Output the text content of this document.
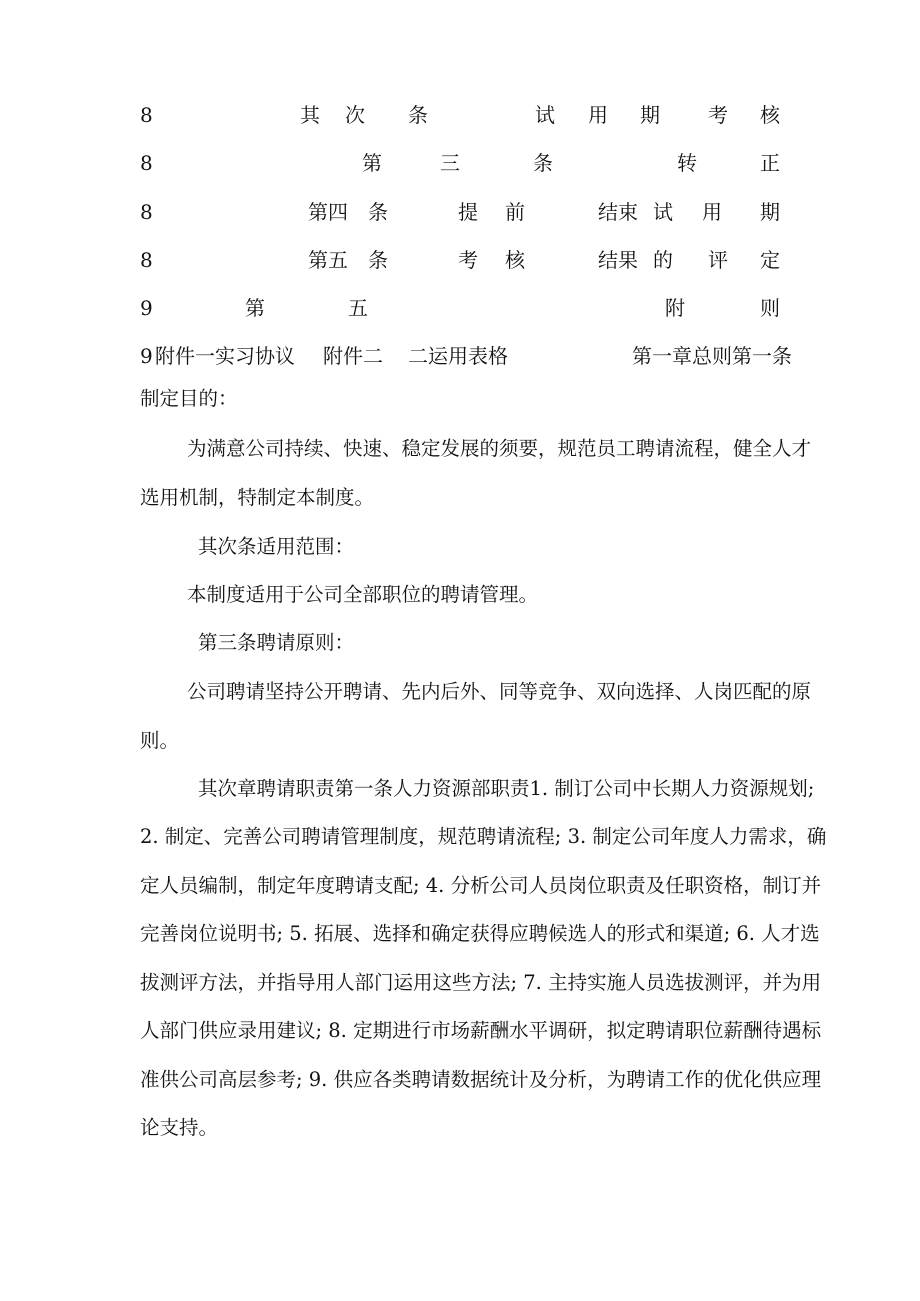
8	其 次 条	试 用 期 考 核
8	第	三	条	转	正
8	第四 条	提 前	结束 试 用 期
8	第五 条	考 核	结果 的 评 定
9	第	五	附	则
9 附件一实习协议 附件二 二运用表格	第一章总则第一条
制定目的：
为满意公司持续、快速、稳定发展的须要，规范员工聘请流程，健全人才
选用机制，特制定本制度。
其次条适用范围：
本制度适用于公司全部职位的聘请管理。
第三条聘请原则：
公司聘请坚持公开聘请、先内后外、同等竞争、双向选择、人岗匹配的原
则。
其次章聘请职责第一条人力资源部职责1. 制订公司中长期人力资源规划;
2. 制定、完善公司聘请管理制度，规范聘请流程; 3. 制定公司年度人力需求，确
定人员编制，制定年度聘请支配; 4. 分析公司人员岗位职责及任职资格，制订并
完善岗位说明书; 5. 拓展、选择和确定获得应聘候选人的形式和渠道; 6. 人才选
拔测评方法，并指导用人部门运用这些方法; 7. 主持实施人员选拔测评，并为用
人部门供应录用建议; 8. 定期进行市场薪酬水平调研，拟定聘请职位薪酬待遇标
准供公司高层参考; 9. 供应各类聘请数据统计及分析，为聘请工作的优化供应理
论支持。
